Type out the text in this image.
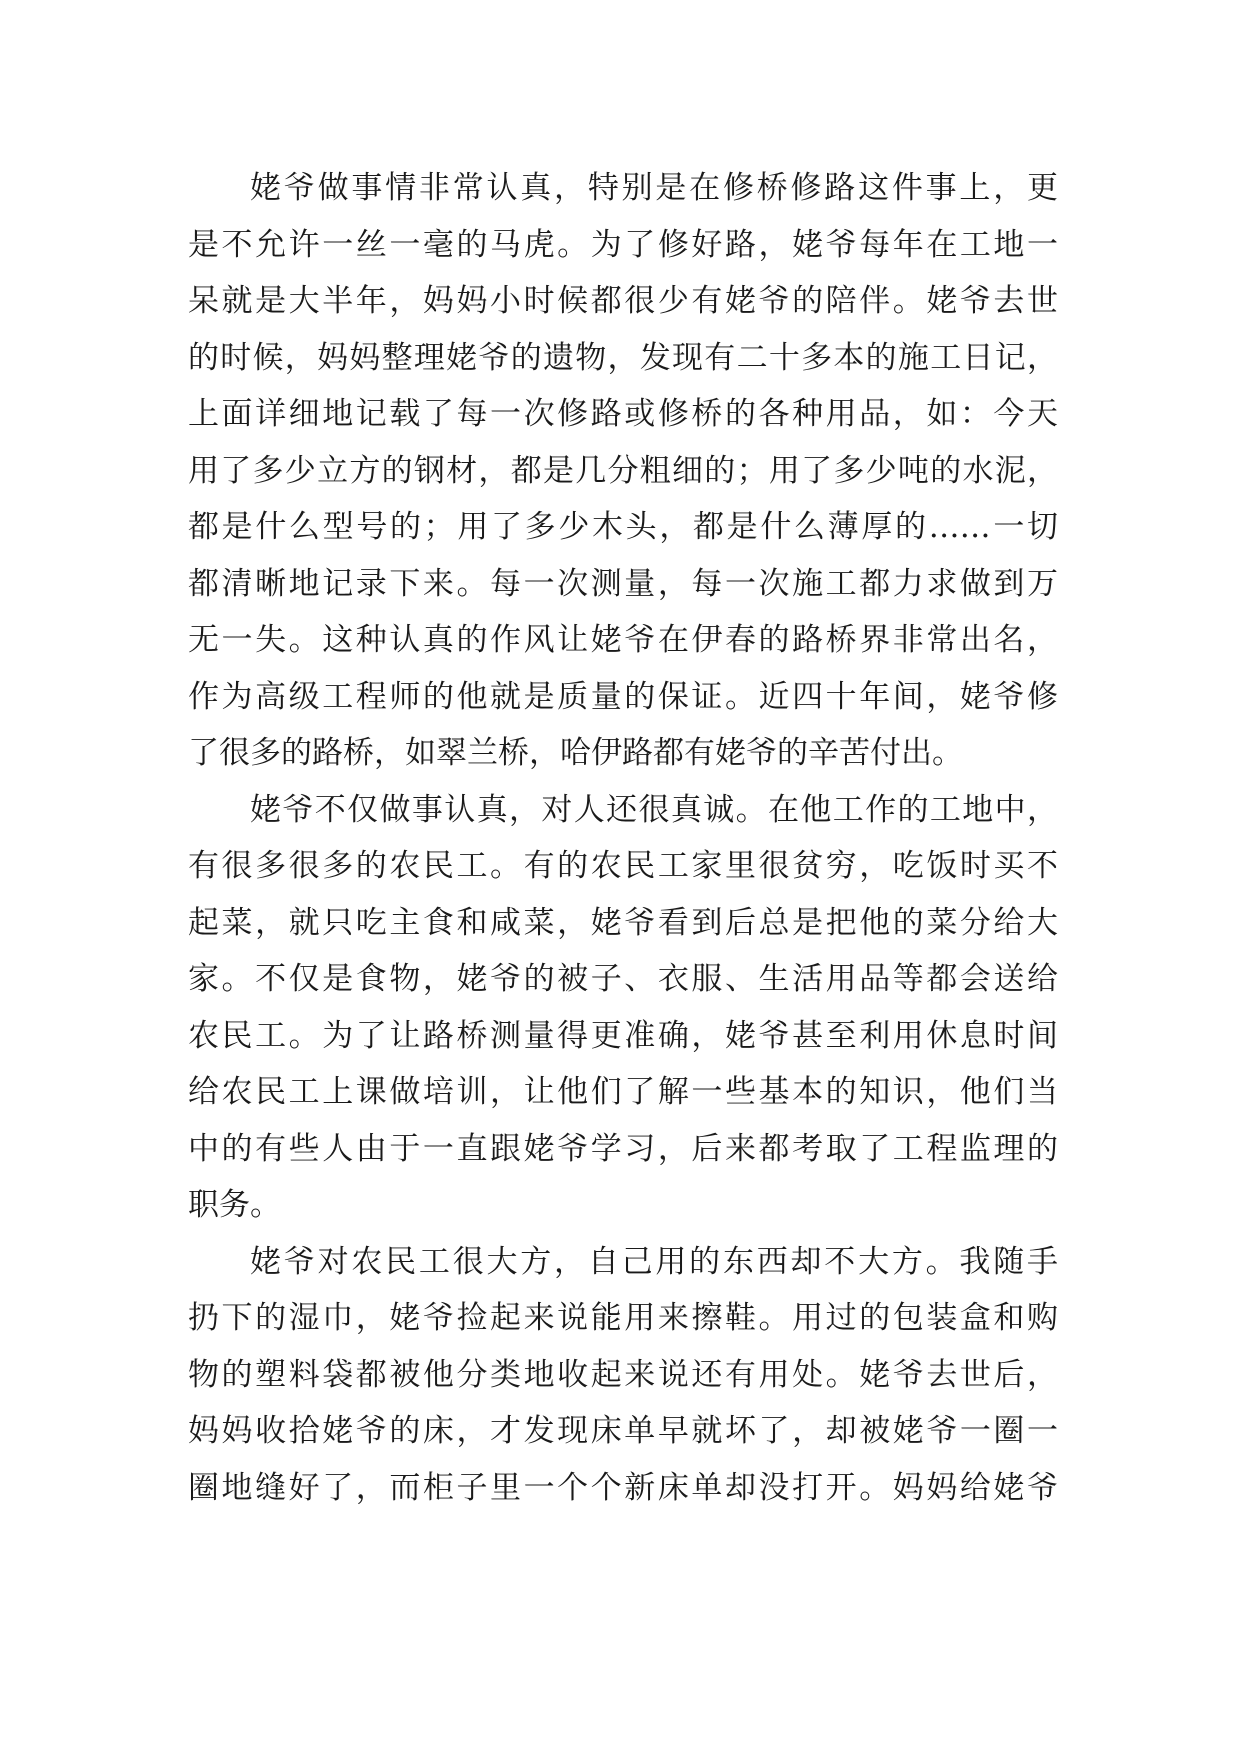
姥爷做事情非常认真，特别是在修桥修路这件事上，更
是不允许一丝一毫的马虎。为了修好路，姥爷每年在工地一
呆就是大半年，妈妈小时候都很少有姥爷的陪伴。姥爷去世
的时候，妈妈整理姥爷的遗物，发现有二十多本的施工日记，
上面详细地记载了每一次修路或修桥的各种用品，如：今天
用了多少立方的钢材，都是几分粗细的；用了多少吨的水泥，
都是什么型号的；用了多少木头，都是什么薄厚的……一切
都清晰地记录下来。每一次测量，每一次施工都力求做到万
无一失。这种认真的作风让姥爷在伊春的路桥界非常出名，
作为高级工程师的他就是质量的保证。近四十年间，姥爷修
了很多的路桥，如翠兰桥，哈伊路都有姥爷的辛苦付出。
姥爷不仅做事认真，对人还很真诚。在他工作的工地中，
有很多很多的农民工。有的农民工家里很贫穷，吃饭时买不
起菜，就只吃主食和咸菜，姥爷看到后总是把他的菜分给大
家。不仅是食物，姥爷的被子、衣服、生活用品等都会送给
农民工。为了让路桥测量得更准确，姥爷甚至利用休息时间
给农民工上课做培训，让他们了解一些基本的知识，他们当
中的有些人由于一直跟姥爷学习，后来都考取了工程监理的
职务。
姥爷对农民工很大方，自己用的东西却不大方。我随手
扔下的湿巾，姥爷捡起来说能用来擦鞋。用过的包装盒和购
物的塑料袋都被他分类地收起来说还有用处。姥爷去世后，
妈妈收拾姥爷的床，才发现床单早就坏了，却被姥爷一圈一
圈地缝好了，而柜子里一个个新床单却没打开。妈妈给姥爷
